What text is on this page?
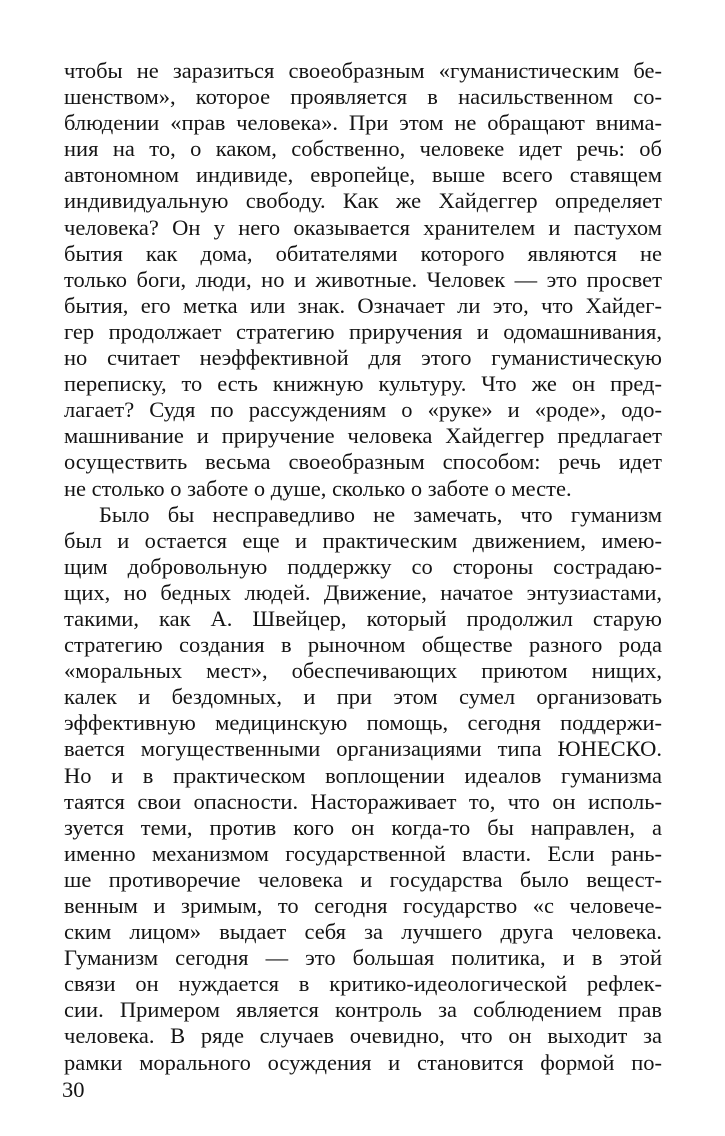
чтобы не заразиться своеобразным «гуманистическим бе-
шенством», которое проявляется в насильственном со-
блюдении «прав человека». При этом не обращают внима-
ния на то, о каком, собственно, человеке идет речь: об
автономном индивиде, европейце, выше всего ставящем
индивидуальную свободу. Как же Хайдеггер определяет
человека? Он у него оказывается хранителем и пастухом
бытия как дома, обитателями которого являются не
только боги, люди, но и животные. Человек — это просвет
бытия, его метка или знак. Означает ли это, что Хайдег-
гер продолжает стратегию приручения и одомашнивания,
но считает неэффективной для этого гуманистическую
переписку, то есть книжную культуру. Что же он пред-
лагает? Судя по рассуждениям о «руке» и «роде», одо-
машнивание и приручение человека Хайдеггер предлагает
осуществить весьма своеобразным способом: речь идет
не столько о заботе о душе, сколько о заботе о месте.
Было бы несправедливо не замечать, что гуманизм
был и остается еще и практическим движением, имею-
щим добровольную поддержку со стороны сострадаю-
щих, но бедных людей. Движение, начатое энтузиастами,
такими, как А. Швейцер, который продолжил старую
стратегию создания в рыночном обществе разного рода
«моральных мест», обеспечивающих приютом нищих,
калек и бездомных, и при этом сумел организовать
эффективную медицинскую помощь, сегодня поддержи-
вается могущественными организациями типа ЮНЕСКО.
Но и в практическом воплощении идеалов гуманизма
таятся свои опасности. Настораживает то, что он исполь-
зуется теми, против кого он когда-то бы направлен, а
именно механизмом государственной власти. Если рань-
ше противоречие человека и государства было вещест-
венным и зримым, то сегодня государство «с человече-
ским лицом» выдает себя за лучшего друга человека.
Гуманизм сегодня — это большая политика, и в этой
связи он нуждается в критико-идеологической рефлек-
сии. Примером является контроль за соблюдением прав
человека. В ряде случаев очевидно, что он выходит за
рамки морального осуждения и становится формой по-
30
